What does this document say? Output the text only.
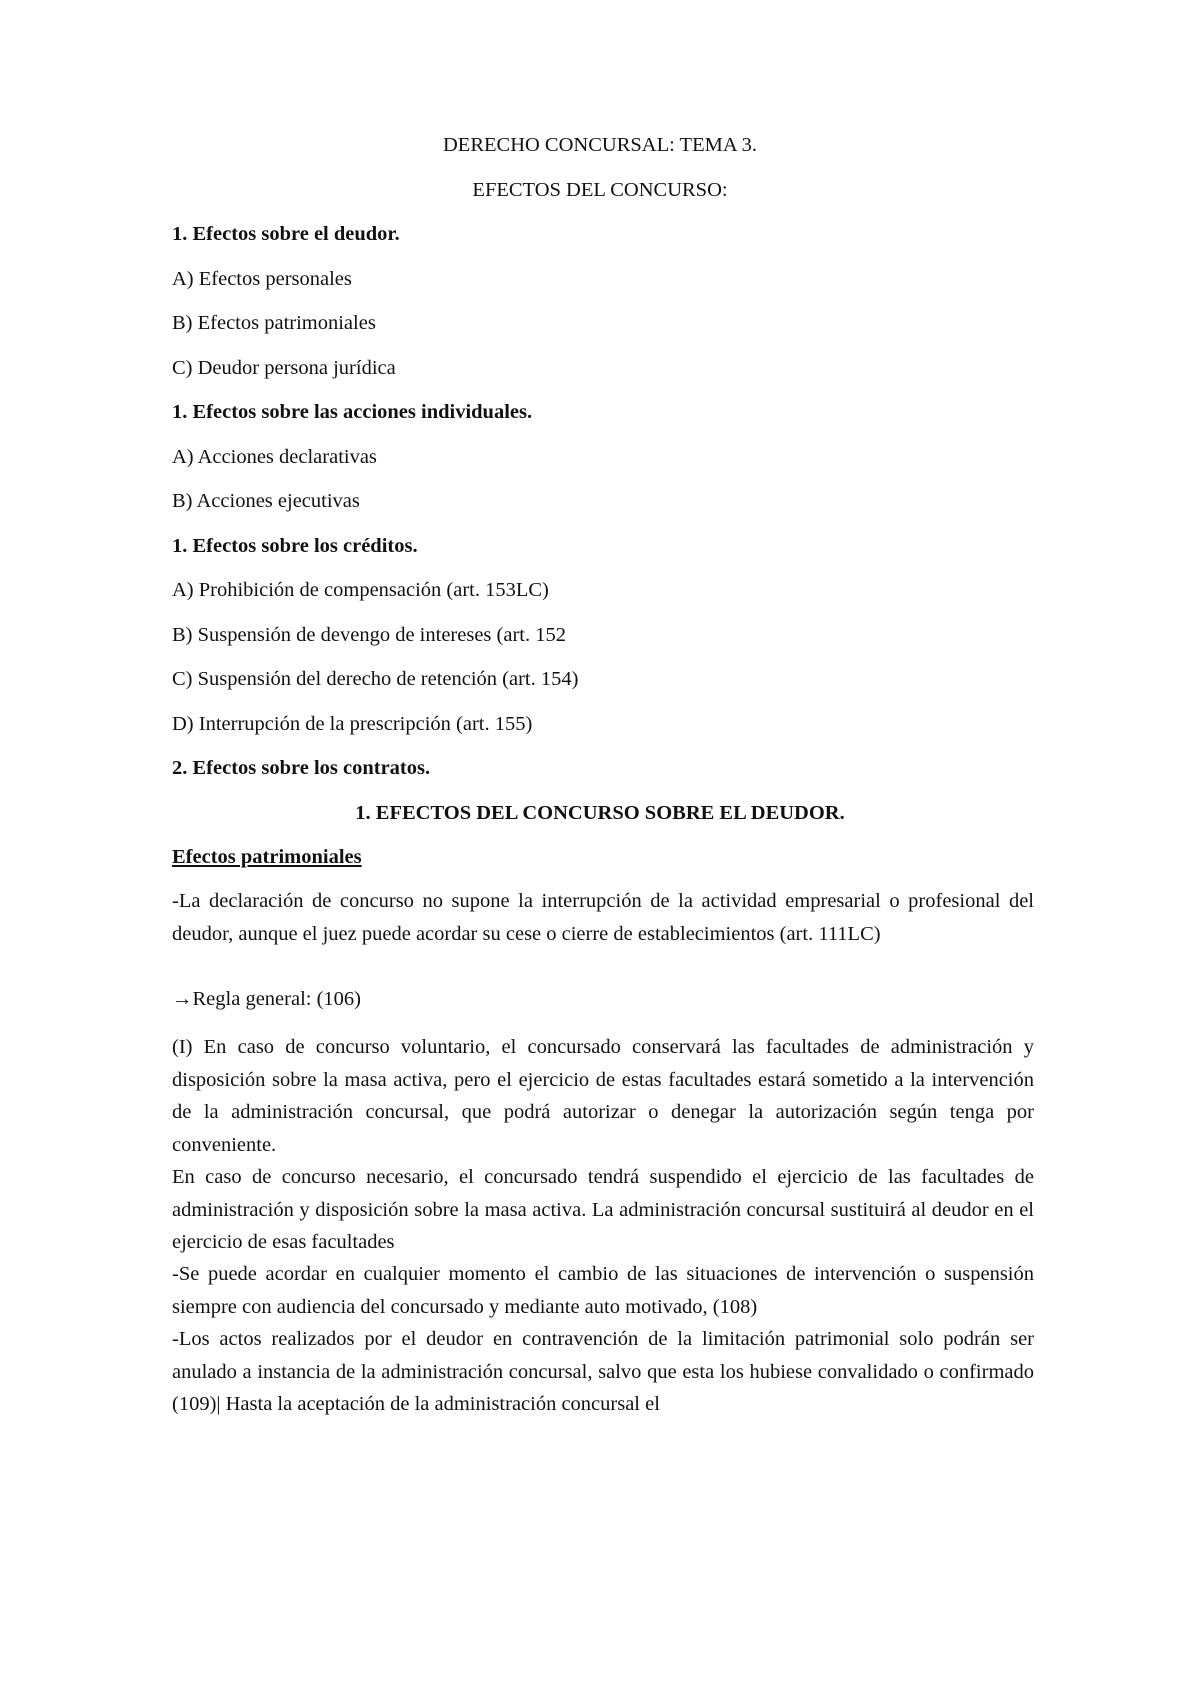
DERECHO CONCURSAL: TEMA 3.
EFECTOS DEL CONCURSO:
1. Efectos sobre el deudor.
A) Efectos personales
B) Efectos patrimoniales
C) Deudor persona jurídica
1. Efectos sobre las acciones individuales.
A) Acciones declarativas
B) Acciones ejecutivas
1. Efectos sobre los créditos.
A) Prohibición de compensación (art. 153LC)
B) Suspensión de devengo de intereses (art. 152
C) Suspensión del derecho de retención (art. 154)
D) Interrupción de la prescripción (art. 155)
2. Efectos sobre los contratos.
1. EFECTOS DEL CONCURSO SOBRE EL DEUDOR.
Efectos patrimoniales
-La declaración de concurso no supone la interrupción de la actividad empresarial o profesional del deudor, aunque el juez puede acordar su cese o cierre de establecimientos (art. 111LC)
→Regla general: (106)
(I) En caso de concurso voluntario, el concursado conservará las facultades de administración y disposición sobre la masa activa, pero el ejercicio de estas facultades estará sometido a la intervención de la administración concursal, que podrá autorizar o denegar la autorización según tenga por conveniente.
En caso de concurso necesario, el concursado tendrá suspendido el ejercicio de las facultades de administración y disposición sobre la masa activa. La administración concursal sustituirá al deudor en el ejercicio de esas facultades
-Se puede acordar en cualquier momento el cambio de las situaciones de intervención o suspensión siempre con audiencia del concursado y mediante auto motivado, (108)
-Los actos realizados por el deudor en contravención de la limitación patrimonial solo podrán ser anulado a instancia de la administración concursal, salvo que esta los hubiese convalidado o confirmado (109)| Hasta la aceptación de la administración concursal el
